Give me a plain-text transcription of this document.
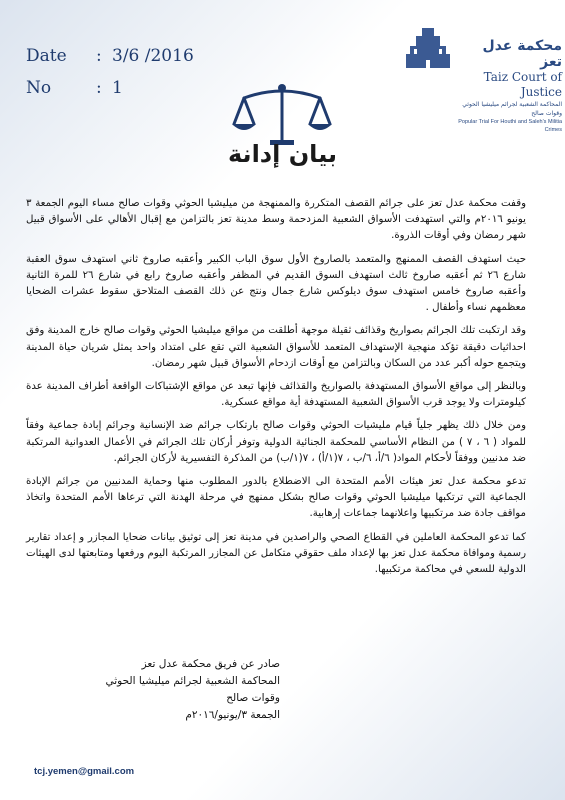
Date	: 3/6 /2016
No	: 1
محكمة عدل تعز
Taiz Court of Justice
المحاكمة الشعبية لجرائم ميليشيا الحوثي وقوات صالح
Popular Trial For Houthi and Saleh's Militia Crimes
بيان إدانة

وقفت محكمة عدل تعز على جرائم القصف المتكررة والممنهجة من ميليشيا الحوثي وقوات صالح مساء اليوم الجمعة ٣ يونيو ٢٠١٦م والتي استهدفت الأسواق الشعبية المزدحمة وسط مدينة تعز بالتزامن مع إقبال الأهالي على الأسواق قبيل شهر رمضان وفي أوقات الذروة.

حيث استهدف القصف الممنهج والمتعمد بالصاروخ الأول سوق الباب الكبير وأعقبه صاروخ ثاني استهدف سوق العقبة شارع ٢٦ ثم أعقبه صاروخ ثالث استهدف السوق القديم في المظفر وأعقبه صاروخ رابع في شارع ٢٦ للمرة الثانية وأعقبه صاروخ خامس استهدف سوق ديلوكس شارع جمال ونتج عن ذلك القصف المتلاحق سقوط عشرات الضحايا معظمهم نساء وأطفال .

وقد ارتكبت تلك الجرائم بصواريخ وقذائف ثقيلة موجهة أطلقت من مواقع ميليشيا الحوثي وقوات صالح خارج المدينة وفق احداثيات دقيقة تؤكد منهجية الإستهداف المتعمد للأسواق الشعبية التي تقع على امتداد واحد يمثل شريان حياة المدينة ويتجمع حوله أكبر عدد من السكان وبالتزامن مع أوقات ازدحام الأسواق قبيل شهر رمضان.

وبالنظر إلى مواقع الأسواق المستهدفة بالصواريخ والقذائف فإنها تبعد عن مواقع الإشتباكات الواقعة أطراف المدينة عدة كيلومترات ولا يوجد قرب الأسواق الشعبية المستهدفة أية مواقع عسكرية.

ومن خلال ذلك يظهر جلياً قيام مليشيات الحوثي وقوات صالح بارتكاب جرائم ضد الإنسانية وجرائم إبادة جماعية وفقاً للمواد ( ٦ ، ٧ ) من النظام الأساسي للمحكمة الجنائية الدولية وتوفر أركان تلك الجرائم في الأعمال العدوانية المرتكبة ضد مدنيين ووفقاً لأحكام المواد( ٦/أ، ٦/ب ، ٧(١/أ) ، ٧(١/ب) من المذكرة التفسيرية لأركان الجرائم.

تدعو محكمة عدل تعز هيئات الأمم المتحدة الى الاضطلاع بالدور المطلوب منها وحماية المدنيين من جرائم الإبادة الجماعية التي ترتكبها ميليشيا الحوثي وقوات صالح بشكل ممنهج في مرحلة الهدنة التي ترعاها الأمم المتحدة واتخاذ مواقف جادة ضد مرتكبيها واعلانهما جماعات إرهابية.

كما تدعو المحكمة العاملين في القطاع الصحي والراصدين في مدينة تعز إلى توثيق بيانات ضحايا المجازر و إعداد تقارير رسمية وموافاة محكمة عدل تعز بها لإعداد ملف حقوقي متكامل عن المجازر المرتكبة اليوم ورفعها ومتابعتها لدى الهيئات الدولية للسعي في محاكمة مرتكبيها.

صادر عن فريق محكمة عدل تعز
المحاكمة الشعبية لجرائم ميليشيا الحوثي وقوات صالح
الجمعة ٣/يونيو/٢٠١٦م
tcj.yemen@gmail.com
